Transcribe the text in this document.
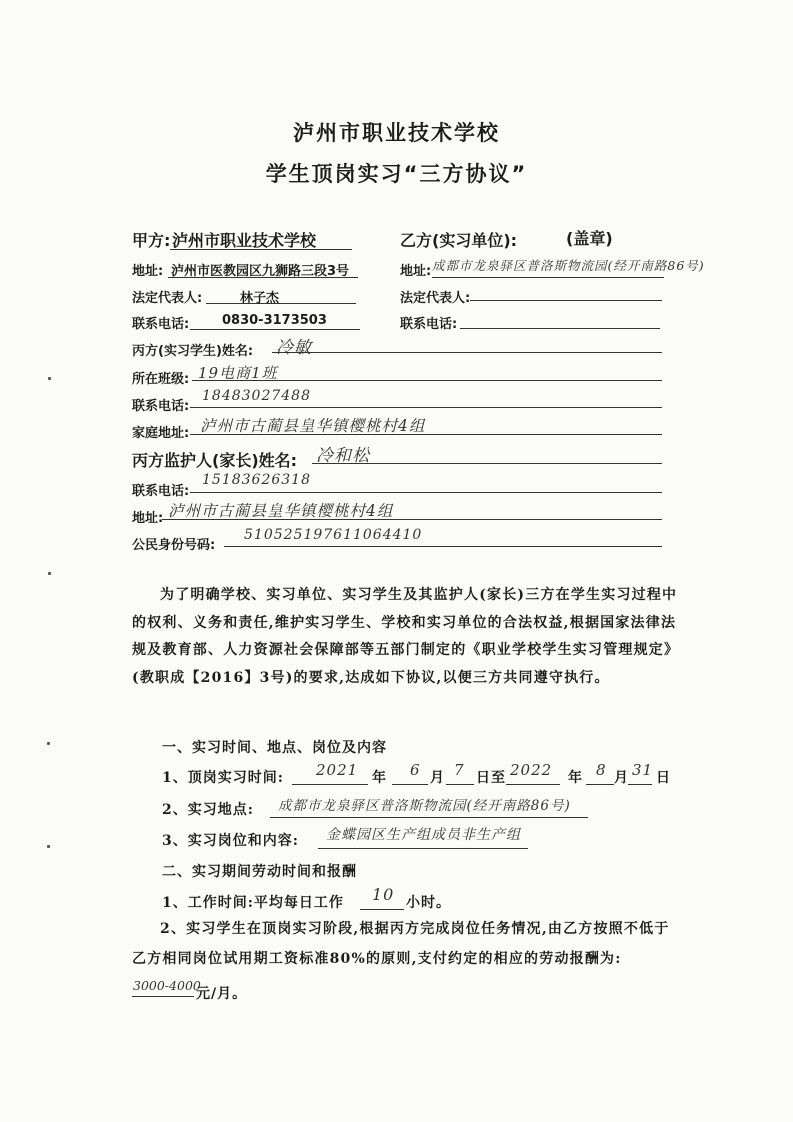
泸州市职业技术学校
学生顶岗实习“三方协议”
甲方: 泸州市职业技术学校	乙方(实习单位):	(盖章)
地址: 泸州市医教园区九狮路三段3号	地址: 成都市龙泉驿区普洛斯物流园(经开南路86号)
法定代表人:	林子杰	法定代表人:
联系电话:	0830-3173503	联系电话:
丙方(实习学生)姓名: 冷敏
所在班级: 19电商1班
联系电话:
18483027488
家庭地址: 泸州市古蔺县皇华镇樱桃村4组
丙方监护人(家长)姓名: 冷和松
联系电话:
15183626318
地址: 泸州市古蔺县皇华镇樱桃村4组
公民身份号码:
510525197611064410
为了明确学校、实习单位、实习学生及其监护人(家长)三方在学生实习过程中的权利、义务和责任,维护实习学生、学校和实习单位的合法权益,根据国家法律法规及教育部、人力资源社会保障部等五部门制定的《职业学校学生实习管理规定》(教职成【2016】3号)的要求,达成如下协议,以便三方共同遵守执行。
一、实习时间、地点、岗位及内容
1、顶岗实习时间: 2021 年 6 月 7 日至 2022 年 8 月 31 日
2、实习地点: 成都市龙泉驿区普洛斯物流园(经开南路86号)
3、实习岗位和内容: 金蝶园区生产组成员非生产组
二、实习期间劳动时间和报酬
1、工作时间:平均每日工作 10 小时。
2、实习学生在顶岗实习阶段,根据丙方完成岗位任务情况,由乙方按照不低于乙方相同岗位试用期工资标准80%的原则,支付约定的相应的劳动报酬为:
3000-4000
元/月。
